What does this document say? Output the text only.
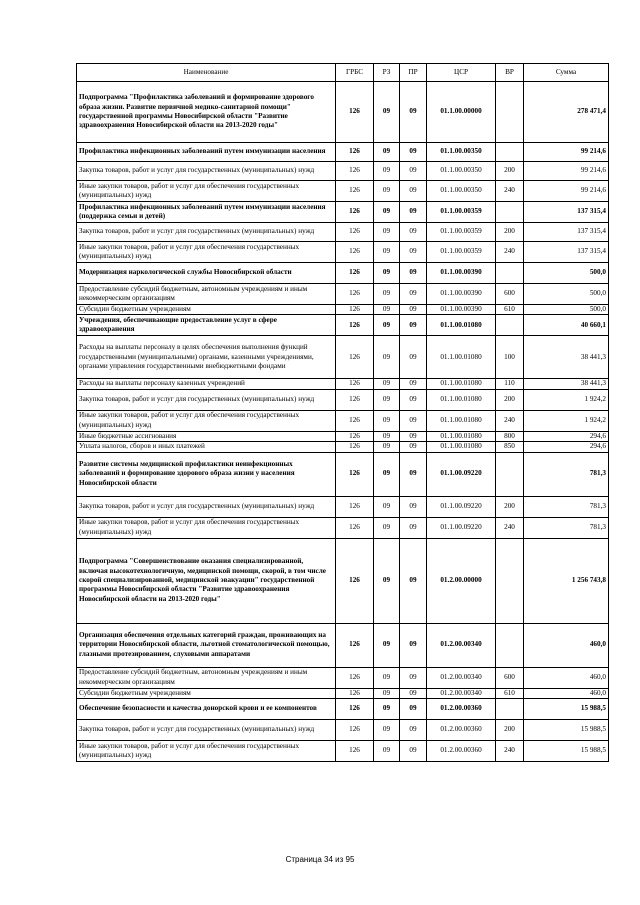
Наименование	ГРБС	РЗ	ПР	ЦСР	ВР	Сумма
Подпрограмма "Профилактика заболеваний и формирование здорового образа жизни. Развитие первичной медико-санитарной помощи" государственной программы Новосибирской области "Развитие здравоохранения Новосибирской области на 2013-2020 годы"	126	09	09	01.1.00.00000		278 471,4
Профилактика инфекционных заболеваний путем иммунизации населения	126	09	09	01.1.00.00350		99 214,6
Закупка товаров, работ и услуг для государственных (муниципальных) нужд	126	09	09	01.1.00.00350	200	99 214,6
Иные закупки товаров, работ и услуг для обеспечения государственных (муниципальных) нужд	126	09	09	01.1.00.00350	240	99 214,6
Профилактика инфекционных заболеваний путем иммунизации населения (поддержка семьи и детей)	126	09	09	01.1.00.00359		137 315,4
Закупка товаров, работ и услуг для государственных (муниципальных) нужд	126	09	09	01.1.00.00359	200	137 315,4
Иные закупки товаров, работ и услуг для обеспечения государственных (муниципальных) нужд	126	09	09	01.1.00.00359	240	137 315,4
Модернизация наркологической службы Новосибирской области	126	09	09	01.1.00.00390		500,0
Предоставление субсидий бюджетным, автономным учреждениям и иным некоммерческим организациям	126	09	09	01.1.00.00390	600	500,0
Субсидии бюджетным учреждениям	126	09	09	01.1.00.00390	610	500,0
Учреждения, обеспечивающие предоставление услуг в сфере здравоохранения	126	09	09	01.1.00.01080		40 660,1
Расходы на выплаты персоналу в целях обеспечения выполнения функций государственными (муниципальными) органами, казенными учреждениями, органами управления государственными внебюджетными фондами	126	09	09	01.1.00.01080	100	38 441,3
Расходы на выплаты персоналу казенных учреждений	126	09	09	01.1.00.01080	110	38 441,3
Закупка товаров, работ и услуг для государственных (муниципальных) нужд	126	09	09	01.1.00.01080	200	1 924,2
Иные закупки товаров, работ и услуг для обеспечения государственных (муниципальных) нужд	126	09	09	01.1.00.01080	240	1 924,2
Иные бюджетные ассигнования	126	09	09	01.1.00.01080	800	294,6
Уплата налогов, сборов и иных платежей	126	09	09	01.1.00.01080	850	294,6
Развитие системы медицинской профилактики неинфекционных заболеваний и формирование здорового образа жизни у населения Новосибирской области	126	09	09	01.1.00.09220		781,3
Закупка товаров, работ и услуг для государственных (муниципальных) нужд	126	09	09	01.1.00.09220	200	781,3
Иные закупки товаров, работ и услуг для обеспечения государственных (муниципальных) нужд	126	09	09	01.1.00.09220	240	781,3
Подпрограмма "Совершенствование оказания специализированной, включая высокотехнологичную, медицинской помощи, скорой, в том числе скорой специализированной, медицинской эвакуации" государственной программы Новосибирской области "Развитие здравоохранения Новосибирской области на 2013-2020 годы"	126	09	09	01.2.00.00000		1 256 743,8
Организация обеспечения отдельных категорий граждан, проживающих на территории Новосибирской области, льготной стоматологической помощью, глазными протезированием, слуховыми аппаратами	126	09	09	01.2.00.00340		460,0
Предоставление субсидий бюджетным, автономным учреждениям и иным некоммерческим организациям	126	09	09	01.2.00.00340	600	460,0
Субсидии бюджетным учреждениям	126	09	09	01.2.00.00340	610	460,0
Обеспечение безопасности и качества донорской крови и ее компонентов	126	09	09	01.2.00.00360		15 988,5
Закупка товаров, работ и услуг для государственных (муниципальных) нужд	126	09	09	01.2.00.00360	200	15 988,5
Иные закупки товаров, работ и услуг для обеспечения государственных (муниципальных) нужд	126	09	09	01.2.00.00360	240	15 988,5
Страница 34 из 95
